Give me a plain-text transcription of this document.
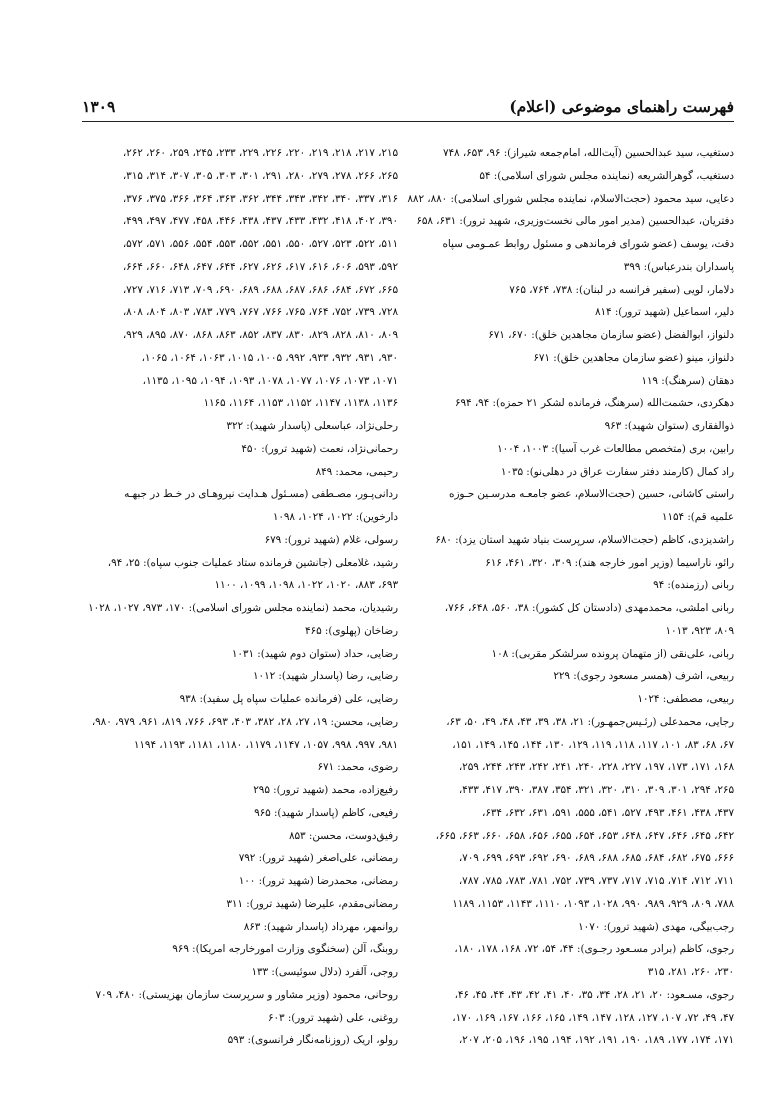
فهرست راهنمای موضوعی (اعلام)
۱۳۰۹
دستغیب، سید عبدالحسین (آیت‌الله، امام‌جمعه شیراز): ۹۶، ۶۵۳، ۷۴۸
دستغیب، گوهرالشریعه (نماینده مجلس شورای اسلامی): ۵۴
دعایی، سید محمود (حجت‌الاسلام، نماینده مجلس شورای اسلامی): ۸۸۰، ۸۸۲
دفتریان، عبدالحسین (مدیر امور مالی نخست‌وزیری، شهید ترور): ۶۳۱، ۶۵۸
دقت، یوسف (عضو شورای فرماندهی و مسئول روابط عمـومی سپاه
پاسداران بندرعباس): ۳۹۹
دلامار، لویی (سفیر فرانسه در لبنان): ۷۳۸، ۷۶۴، ۷۶۵
دلیر، اسماعیل (شهید ترور): ۸۱۴
دلنواز، ابوالفضل (عضو سازمان مجاهدین خلق): ۶۷۰، ۶۷۱
دلنواز، مینو (عضو سازمان مجاهدین خلق): ۶۷۱
دهقان (سرهنگ): ۱۱۹
دهکردی، حشمت‌الله (سرهنگ، فرمانده لشکر ۲۱ حمزه): ۹۴، ۶۹۴
ذوالفقاری (ستوان شهید): ۹۶۳
رابین، بری (متخصص مطالعات غرب آسیا): ۱۰۰۳، ۱۰۰۴
راد کمال (کارمند دفتر سفارت عراق در دهلی‌نو): ۱۰۳۵
راستی کاشانی، حسین (حجت‌الاسلام، عضو جامعـه مدرسـین حـوزه
علمیه قم): ۱۱۵۴
راشدیزدی، کاظم (حجت‌الاسلام، سرپرست بنیاد شهید استان یزد): ۶۸۰
رائو، ناراسیما (وزیر امور خارجه هند): ۳۰۹، ۳۲۰، ۴۶۱، ۶۱۶
ربانی (رزمنده): ۹۴
ربانی املشی، محمدمهدی (دادستان کل کشور): ۳۸، ۵۶۰، ۶۴۸، ۷۶۶،
۸۰۹، ۹۲۳، ۱۰۱۳
ربانی، علی‌نقی (از متهمان پرونده سرلشکر مقربی): ۱۰۸
ربیعی، اشرف (همسر مسعود رجوی): ۲۲۹
ربیعی، مصطفی: ۱۰۲۴
رجایی، محمدعلی (رئـیس‌جمهـور): ۲۱، ۳۸، ۳۹، ۴۳، ۴۸، ۴۹، ۵۰، ۶۳،
۶۷، ۶۸، ۸۳، ۱۰۱، ۱۱۷، ۱۱۸، ۱۱۹، ۱۲۹، ۱۳۰، ۱۴۴، ۱۴۵، ۱۴۹، ۱۵۱،
۱۶۸، ۱۷۱، ۱۷۳، ۱۹۷، ۲۲۷، ۲۲۸، ۲۴۰، ۲۴۱، ۲۴۲، ۲۴۳، ۲۴۴، ۲۵۹،
۲۶۵، ۲۹۴، ۳۰۱، ۳۰۹، ۳۱۰، ۳۲۰، ۳۲۱، ۳۵۴، ۳۸۷، ۳۹۰، ۴۱۷، ۴۳۳،
۴۳۷، ۴۳۸، ۴۶۱، ۴۹۳، ۵۲۷، ۵۴۱، ۵۵۵، ۵۹۱، ۶۳۱، ۶۳۲، ۶۳۴،
۶۴۲، ۶۴۵، ۶۴۶، ۶۴۷، ۶۴۸، ۶۵۳، ۶۵۴، ۶۵۵، ۶۵۶، ۶۵۸، ۶۶۰، ۶۶۳، ۶۶۵،
۶۶۶، ۶۷۵، ۶۸۲، ۶۸۴، ۶۸۵، ۶۸۸، ۶۸۹، ۶۹۰، ۶۹۲، ۶۹۳، ۶۹۹، ۷۰۹،
۷۱۱، ۷۱۲، ۷۱۴، ۷۱۵، ۷۱۷، ۷۳۷، ۷۳۹، ۷۵۲، ۷۸۱، ۷۸۳، ۷۸۵، ۷۸۷،
۷۸۸، ۸۰۹، ۹۲۹، ۹۸۹، ۹۹۰، ۱۰۲۸، ۱۰۹۳، ۱۱۱۰، ۱۱۴۳، ۱۱۵۳، ۱۱۸۹
رجب‌بیگی، مهدی (شهید ترور): ۱۰۷۰
رجوی، کاظم (برادر مسـعود رجـوی): ۴۴، ۵۴، ۷۲، ۱۶۸، ۱۷۸، ۱۸۰،
۲۳۰، ۲۶۰، ۲۸۱، ۳۱۵
رجوی، مسـعود: ۲۰، ۲۱، ۲۸، ۳۴، ۳۵، ۴۰، ۴۱، ۴۲، ۴۳، ۴۴، ۴۵، ۴۶،
۴۷، ۴۹، ۷۲، ۱۰۷، ۱۲۷، ۱۲۸، ۱۴۷، ۱۴۹، ۱۶۵، ۱۶۶، ۱۶۷، ۱۶۹، ۱۷۰،
۱۷۱، ۱۷۴، ۱۷۷، ۱۸۹، ۱۹۰، ۱۹۱، ۱۹۲، ۱۹۴، ۱۹۵، ۱۹۶، ۲۰۵، ۲۰۷،
۲۱۵، ۲۱۷، ۲۱۸، ۲۱۹، ۲۲۰، ۲۲۶، ۲۲۹، ۲۳۳، ۲۴۵، ۲۵۹، ۲۶۰، ۲۶۲،
۲۶۵، ۲۶۶، ۲۷۸، ۲۷۹، ۲۸۰، ۲۹۱، ۳۰۱، ۳۰۳، ۳۰۵، ۳۰۷، ۳۱۴، ۳۱۵،
۳۱۶، ۳۳۷، ۳۴۰، ۳۴۲، ۳۴۳، ۳۴۴، ۳۶۲، ۳۶۳، ۳۶۴، ۳۶۶، ۳۷۵، ۳۷۶،
۳۹۰، ۴۰۲، ۴۱۸، ۴۳۲، ۴۳۳، ۴۳۷، ۴۳۸، ۴۴۶، ۴۵۸، ۴۷۷، ۴۹۷، ۴۹۹،
۵۱۱، ۵۲۲، ۵۲۳، ۵۲۷، ۵۵۰، ۵۵۱، ۵۵۲، ۵۵۳، ۵۵۴، ۵۵۶، ۵۷۱، ۵۷۲،
۵۹۲، ۵۹۳، ۶۰۶، ۶۱۶، ۶۱۷، ۶۲۶، ۶۲۷، ۶۴۴، ۶۴۷، ۶۴۸، ۶۶۰، ۶۶۴،
۶۶۵، ۶۷۲، ۶۸۴، ۶۸۶، ۶۸۷، ۶۸۸، ۶۸۹، ۶۹۰، ۷۰۹، ۷۱۳، ۷۱۶، ۷۲۷،
۷۲۸، ۷۳۹، ۷۵۲، ۷۶۴، ۷۶۵، ۷۶۶، ۷۶۷، ۷۷۹، ۷۸۳، ۸۰۳، ۸۰۴، ۸۰۸،
۸۰۹، ۸۱۰، ۸۲۸، ۸۲۹، ۸۳۰، ۸۳۷، ۸۵۲، ۸۶۳، ۸۶۸، ۸۷۰، ۸۹۵، ۹۲۹،
۹۳۰، ۹۳۱، ۹۳۲، ۹۳۳، ۹۹۲، ۱۰۰۵، ۱۰۱۵، ۱۰۶۳، ۱۰۶۴، ۱۰۶۵،
۱۰۷۱، ۱۰۷۳، ۱۰۷۶، ۱۰۷۷، ۱۰۷۸، ۱۰۹۳، ۱۰۹۴، ۱۰۹۵، ۱۱۳۵،
۱۱۳۶، ۱۱۳۸، ۱۱۴۷، ۱۱۵۲، ۱۱۵۳، ۱۱۶۴، ۱۱۶۵
رحلی‌نژاد، عباسعلی (پاسدار شهید): ۳۲۲
رحمانی‌نژاد، نعمت (شهید ترور): ۴۵۰
رحیمی، محمد: ۸۴۹
ردانی‌پـور، مصـطفی (مسـئول هـدایت نیروهـای در خـط در جبهـه
دارخوین): ۱۰۲۲، ۱۰۲۴، ۱۰۹۸
رسولی، غلام (شهید ترور): ۶۷۹
رشید، غلامعلی (جانشین فرمانده ستاد عملیات جنوب سپاه): ۲۵، ۹۴،
۶۹۳، ۸۸۳، ۱۰۲۰، ۱۰۲۲، ۱۰۹۸، ۱۰۹۹، ۱۱۰۰
رشیدیان، محمد (نماینده مجلس شورای اسلامی): ۱۷۰، ۹۷۳، ۱۰۲۷، ۱۰۲۸
رضاخان (پهلوی): ۴۶۵
رضایی، حداد (ستوان دوم شهید): ۱۰۳۱
رضایی، رضا (پاسدار شهید): ۱۰۱۲
رضایی، علی (فرمانده عملیات سپاه پل سفید): ۹۳۸
رضایی، محسن: ۱۹، ۲۷، ۲۸، ۳۸۲، ۴۰۳، ۶۹۳، ۷۶۶، ۸۱۹، ۹۶۱، ۹۷۹، ۹۸۰،
۹۸۱، ۹۹۷، ۹۹۸، ۱۰۵۷، ۱۱۴۷، ۱۱۷۹، ۱۱۸۰، ۱۱۸۱، ۱۱۹۳، ۱۱۹۴
رضوی، محمد: ۶۷۱
رفیع‌زاده، محمد (شهید ترور): ۲۹۵
رفیعی، کاظم (پاسدار شهید): ۹۶۵
رفیق‌دوست، محسن: ۸۵۳
رمضانی، علی‌اصغر (شهید ترور): ۷۹۲
رمضانی، محمدرضا (شهید ترور): ۱۰۰
رمضانی‌مقدم، علیرضا (شهید ترور): ۳۱۱
روانمهر، مهرداد (پاسدار شهید): ۸۶۳
روبنگ، آلن (سخنگوی وزارت امورخارجه امریکا): ۹۶۹
روجی، آلفرد (دلال سوئیسی): ۱۳۳
روحانی، محمود (وزیر مشاور و سرپرست سازمان بهزیستی): ۴۸۰، ۷۰۹
روغنی، علی (شهید ترور): ۶۰۳
رولو، اریک (روزنامه‌نگار فرانسوی): ۵۹۳
